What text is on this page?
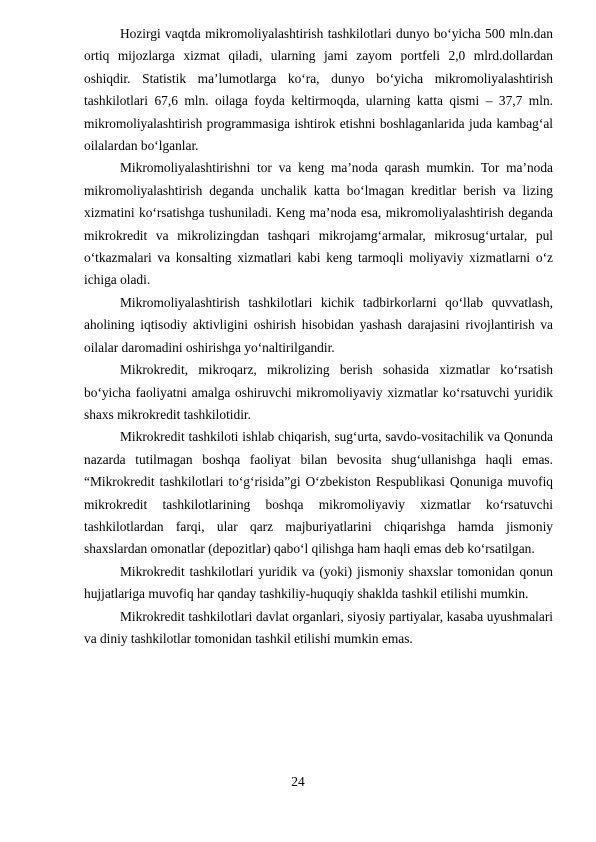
Hozirgi vaqtda mikromoliyalashtirish tashkilotlari dunyo bo‘yicha 500 mln.dan ortiq mijozlarga xizmat qiladi, ularning jami zayom portfeli 2,0 mlrd.dollardan oshiqdir. Statistik ma’lumotlarga ko‘ra, dunyo bo‘yicha mikromoliyalashtirish tashkilotlari 67,6 mln. oilaga foyda keltirmoqda, ularning katta qismi – 37,7 mln. mikromoliyalashtirish programmasiga ishtirok etishni boshlaganlarida juda kambag‘al oilalardan bo‘lganlar.

Mikromoliyalashtirishni tor va keng ma’noda qarash mumkin. Tor ma’noda mikromoliyalashtirish deganda unchalik katta bo‘lmagan kreditlar berish va lizing xizmatini ko‘rsatishga tushuniladi. Keng ma’noda esa, mikromoliyalashtirish deganda mikrokredit va mikrolizingdan tashqari mikrojamg‘armalar, mikrosug‘urtalar, pul o‘tkazmalari va konsalting xizmatlari kabi keng tarmoqli moliyaviy xizmatlarni o‘z ichiga oladi.

Mikromoliyalashtirish tashkilotlari kichik tadbirkorlarni qo‘llab quvvatlash, aholining iqtisodiy aktivligini oshirish hisobidan yashash darajasini rivojlantirish va oilalar daromadini oshirishga yo‘naltirilgandir.

Mikrokredit, mikroqarz, mikrolizing berish sohasida xizmatlar ko‘rsatish bo‘yicha faoliyatni amalga oshiruvchi mikromoliyaviy xizmatlar ko‘rsatuvchi yuridik shaxs mikrokredit tashkilotidir.

Mikrokredit tashkiloti ishlab chiqarish, sug‘urta, savdo-vositachilik va Qonunda nazarda tutilmagan boshqa faoliyat bilan bevosita shug‘ullanishga haqli emas. “Mikrokredit tashkilotlari to‘g‘risida”gi O‘zbekiston Respublikasi Qonuniga muvofiq mikrokredit tashkilotlarining boshqa mikromoliyaviy xizmatlar ko‘rsatuvchi tashkilotlardan farqi, ular qarz majburiyatlarini chiqarishga hamda jismoniy shaxslardan omonatlar (depozitlar) qabo‘l qilishga ham haqli emas deb ko‘rsatilgan.

Mikrokredit tashkilotlari yuridik va (yoki) jismoniy shaxslar tomonidan qonun hujjatlariga muvofiq har qanday tashkiliy-huquqiy shaklda tashkil etilishi mumkin.

Mikrokredit tashkilotlari davlat organlari, siyosiy partiyalar, kasaba uyushmalari va diniy tashkilotlar tomonidan tashkil etilishi mumkin emas.

24
